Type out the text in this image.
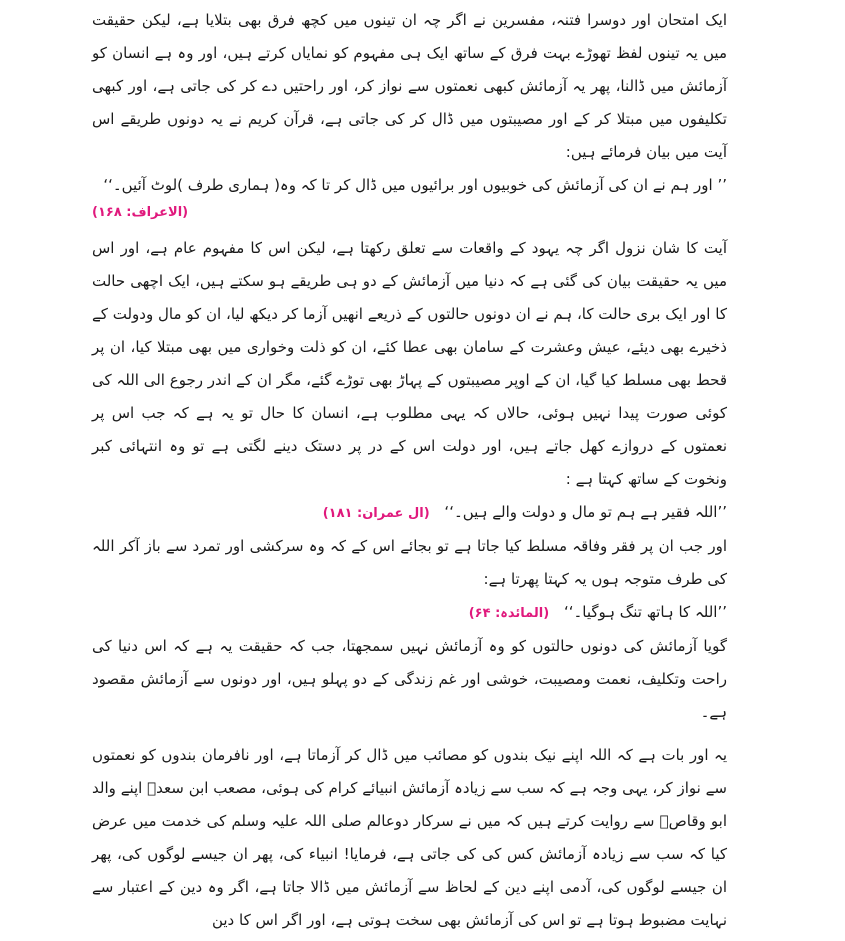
ایک امتحان اور دوسرا فتنہ، مفسرین نے اگر چہ ان تینوں میں کچھ فرق بھی بتلایا ہے، لیکن حقیقت میں یہ تینوں لفظ تھوڑے بہت فرق کے ساتھ ایک ہی مفہوم کو نمایاں کرتے ہیں، اور وہ ہے انسان کو آزمائش میں ڈالنا، پھر یہ آزمائش کبھی نعمتوں سے نواز کر، اور راحتیں دے کر کی جاتی ہے، اور کبھی تکلیفوں میں مبتلا کر کے اور مصیبتوں میں ڈال کر کی جاتی ہے، قرآن کریم نے یہ دونوں طریقے اس آیت میں بیان فرمائے ہیں:

’’ اور ہم نے ان کی آزمائش کی خوبیوں اور برائیوں میں ڈال کر تا کہ وہ( ہماری طرف )لوٹ آئیں۔‘‘

(الاعراف: ۱۶۸)

آیت کا شان نزول اگر چہ یہود کے واقعات سے تعلق رکھتا ہے، لیکن اس کا مفہوم عام ہے، اور اس میں یہ حقیقت بیان کی گئی ہے کہ دنیا میں آزمائش کے دو ہی طریقے ہو سکتے ہیں، ایک اچھی حالت کا اور ایک بری حالت کا، ہم نے ان دونوں حالتوں کے ذریعے انھیں آزما کر دیکھ لیا، ان کو مال ودولت کے ذخیرے بھی دیئے، عیش وعشرت کے سامان بھی عطا کئے، ان کو ذلت وخواری میں بھی مبتلا کیا، ان پر قحط بھی مسلط کیا گیا، ان کے اوپر مصیبتوں کے پہاڑ بھی توڑے گئے، مگر ان کے اندر رجوع الی اللہ کی کوئی صورت پیدا نہیں ہوئی، حالاں کہ یہی مطلوب ہے، انسان کا حال تو یہ ہے کہ جب اس پر نعمتوں کے دروازے کھل جاتے ہیں، اور دولت اس کے در پر دستک دینے لگتی ہے تو وہ انتہائی کبر ونخوت کے ساتھ کہتا ہے :

’’اللہ فقیر ہے ہم تو مال و دولت والے ہیں۔‘‘ (ال عمران: ۱۸۱)

اور جب ان پر فقر وفاقہ مسلط کیا جاتا ہے تو بجائے اس کے کہ وہ سرکشی اور تمرد سے باز آکر اللہ کی طرف متوجہ ہوں یہ کہتا پھرتا ہے:

’’اللہ کا ہاتھ تنگ ہوگیا۔‘‘ (المائدہ: ۶۴)

گویا آزمائش کی دونوں حالتوں کو وہ آزمائش نہیں سمجھتا، جب کہ حقیقت یہ ہے کہ اس دنیا کی راحت وتکلیف، نعمت ومصیبت، خوشی اور غم زندگی کے دو پہلو ہیں، اور دونوں سے آزمائش مقصود ہے۔

یہ اور بات ہے کہ اللہ اپنے نیک بندوں کو مصائب میں ڈال کر آزماتا ہے، اور نافرمان بندوں کو نعمتوں سے نواز کر، یہی وجہ ہے کہ سب سے زیادہ آزمائش انبیائے کرام کی ہوئی، مصعب ابن سعدؓ اپنے والد ابو وقاصؓ سے روایت کرتے ہیں کہ میں نے سرکار دوعالم صلی اللہ علیہ وسلم کی خدمت میں عرض کیا کہ سب سے زیادہ آزمائش کس کی کی جاتی ہے، فرمایا! انبیاء کی، پھر ان جیسے لوگوں کی، پھر ان جیسے لوگوں کی، آدمی اپنے دین کے لحاظ سے آزمائش میں ڈالا جاتا ہے، اگر وہ دین کے اعتبار سے نہایت مضبوط ہوتا ہے تو اس کی آزمائش بھی سخت ہوتی ہے، اور اگر اس کا دین
